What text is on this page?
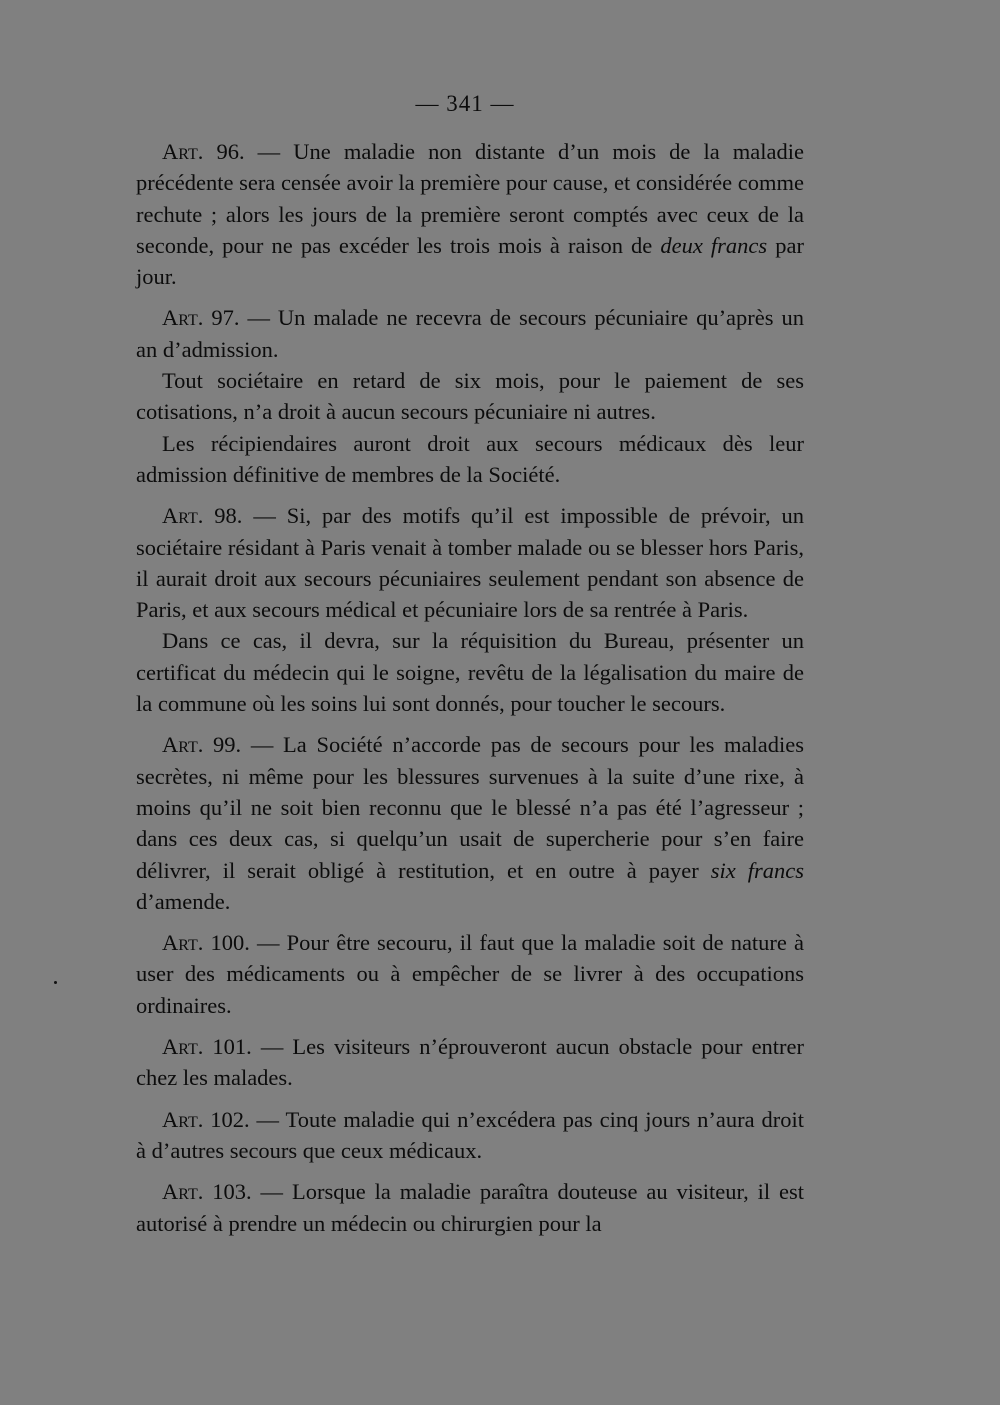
— 341 —

Art. 96. — Une maladie non distante d’un mois de la maladie précédente sera censée avoir la première pour cause, et considérée comme rechute ; alors les jours de la première seront comptés avec ceux de la seconde, pour ne pas excéder les trois mois à raison de deux francs par jour.

Art. 97. — Un malade ne recevra de secours pécuniaire qu’après un an d’admission.

Tout sociétaire en retard de six mois, pour le paiement de ses cotisations, n’a droit à aucun secours pécuniaire ni autres.

Les récipiendaires auront droit aux secours médicaux dès leur admission définitive de membres de la Société.

Art. 98. — Si, par des motifs qu’il est impossible de prévoir, un sociétaire résidant à Paris venait à tomber malade ou se blesser hors Paris, il aurait droit aux secours pécuniaires seulement pendant son absence de Paris, et aux secours médical et pécuniaire lors de sa rentrée à Paris.

Dans ce cas, il devra, sur la réquisition du Bureau, présenter un certificat du médecin qui le soigne, revêtu de la légalisation du maire de la commune où les soins lui sont donnés, pour toucher le secours.

Art. 99. — La Société n’accorde pas de secours pour les maladies secrètes, ni même pour les blessures survenues à la suite d’une rixe, à moins qu’il ne soit bien reconnu que le blessé n’a pas été l’agresseur ; dans ces deux cas, si quelqu’un usait de supercherie pour s’en faire délivrer, il serait obligé à restitution, et en outre à payer six francs d’amende.

Art. 100. — Pour être secouru, il faut que la maladie soit de nature à user des médicaments ou à empêcher de se livrer à des occupations ordinaires.

Art. 101. — Les visiteurs n’éprouveront aucun obstacle pour entrer chez les malades.

Art. 102. — Toute maladie qui n’excédera pas cinq jours n’aura droit à d’autres secours que ceux médicaux.

Art. 103. — Lorsque la maladie paraîtra douteuse au visiteur, il est autorisé à prendre un médecin ou chirurgien pour la
